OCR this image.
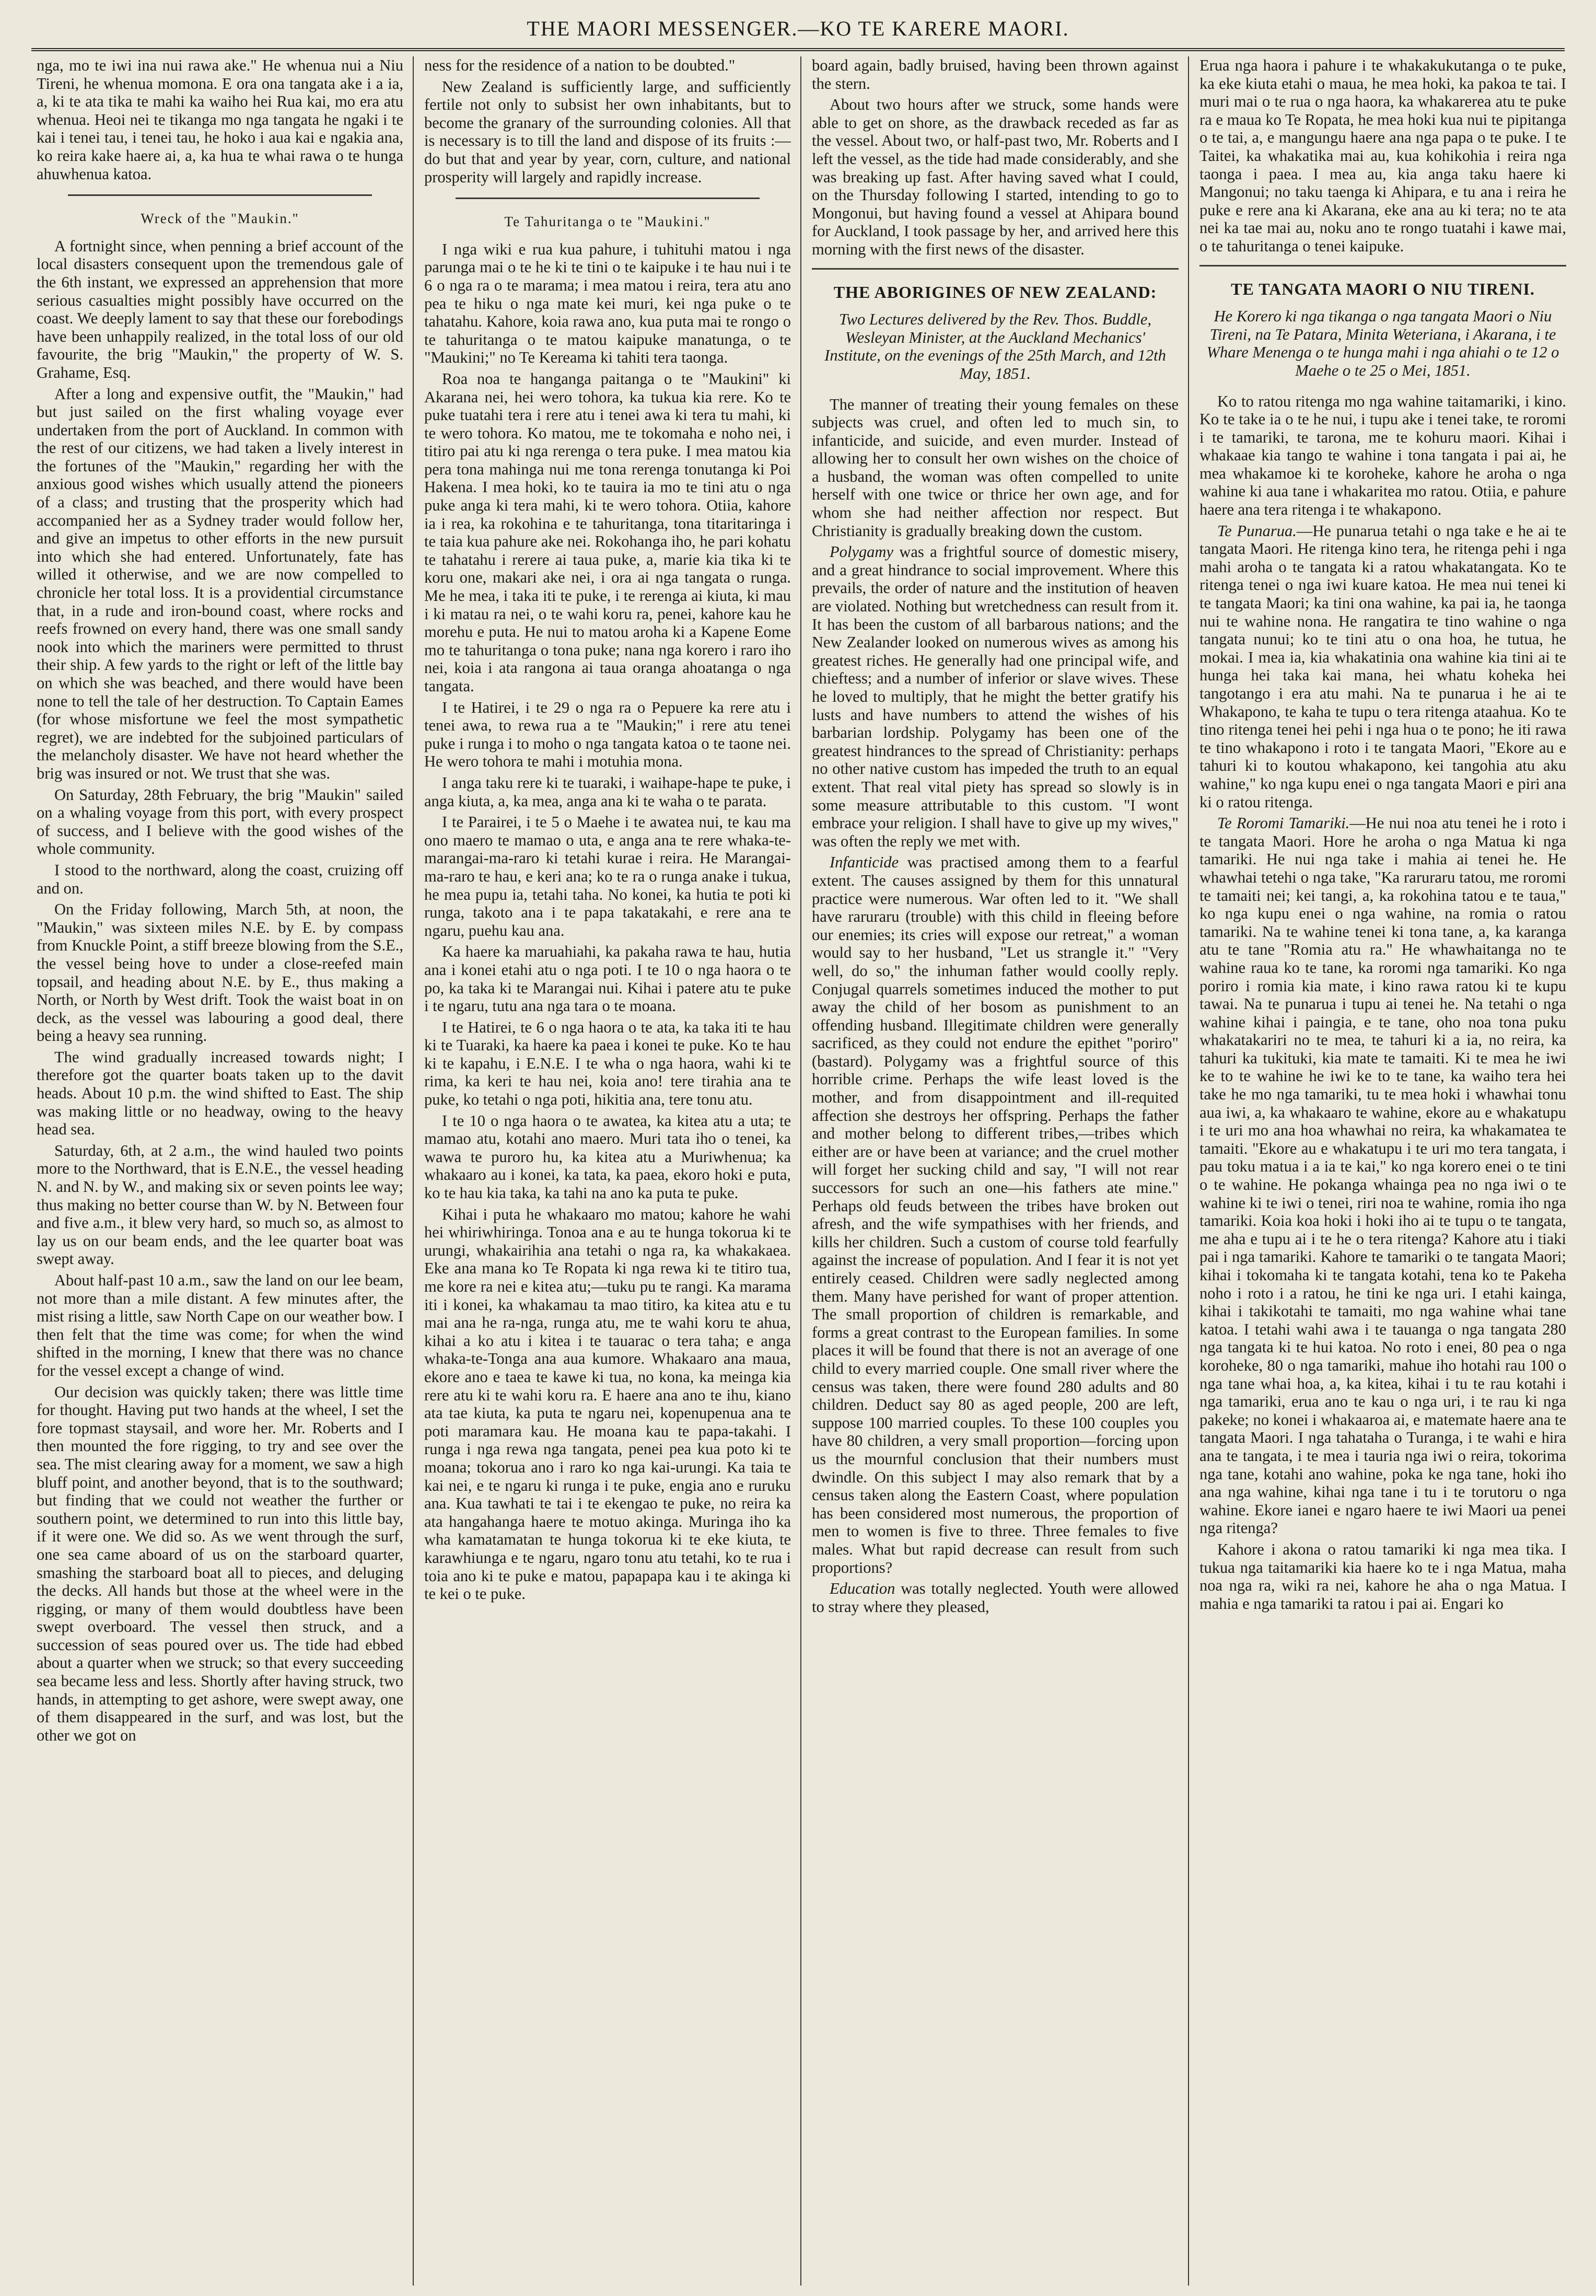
THE MAORI MESSENGER.—KO TE KARERE MAORI.

nga, mo te iwi ina nui rawa ake." He whenua nui a Niu Tireni, he whenua momona. E ora ona tangata ake i a ia, a, ki te ata tika te mahi ka waiho hei Rua kai, mo era atu whenua. Heoi nei te tikanga mo nga tangata he ngaki i te kai i tenei tau, i tenei tau, he hoko i aua kai e ngakia ana, ko reira kake haere ai, a, ka hua te whai rawa o te hunga ahuwhenua katoa.

Wreck of the "Maukin."

A fortnight since, when penning a brief account of the local disasters consequent upon the tremendous gale of the 6th instant, we expressed an apprehension that more serious casualties might possibly have occurred on the coast. We deeply lament to say that these our forebodings have been unhappily realized, in the total loss of our old favourite, the brig "Maukin," the property of W. S. Grahame, Esq.

After a long and expensive outfit, the "Maukin," had but just sailed on the first whaling voyage ever undertaken from the port of Auckland. In common with the rest of our citizens, we had taken a lively interest in the fortunes of the "Maukin," regarding her with the anxious good wishes which usually attend the pioneers of a class; and trusting that the prosperity which had accompanied her as a Sydney trader would follow her, and give an impetus to other efforts in the new pursuit into which she had entered. Unfortunately, fate has willed it otherwise, and we are now compelled to chronicle her total loss. It is a providential circumstance that, in a rude and iron-bound coast, where rocks and reefs frowned on every hand, there was one small sandy nook into which the mariners were permitted to thrust their ship. A few yards to the right or left of the little bay on which she was beached, and there would have been none to tell the tale of her destruction. To Captain Eames (for whose misfortune we feel the most sympathetic regret), we are indebted for the subjoined particulars of the melancholy disaster. We have not heard whether the brig was insured or not. We trust that she was.

On Saturday, 28th February, the brig "Maukin" sailed on a whaling voyage from this port, with every prospect of success, and I believe with the good wishes of the whole community.

I stood to the northward, along the coast, cruizing off and on.

On the Friday following, March 5th, at noon, the "Maukin," was sixteen miles N.E. by E. by compass from Knuckle Point, a stiff breeze blowing from the S.E., the vessel being hove to under a close-reefed main topsail, and heading about N.E. by E., thus making a North, or North by West drift. Took the waist boat in on deck, as the vessel was labouring a good deal, there being a heavy sea running.

The wind gradually increased towards night; I therefore got the quarter boats taken up to the davit heads. About 10 p.m. the wind shifted to East. The ship was making little or no headway, owing to the heavy head sea.

Saturday, 6th, at 2 a.m., the wind hauled two points more to the Northward, that is E.N.E., the vessel heading N. and N. by W., and making six or seven points lee way; thus making no better course than W. by N. Between four and five a.m., it blew very hard, so much so, as almost to lay us on our beam ends, and the lee quarter boat was swept away.

About half-past 10 a.m., saw the land on our lee beam, not more than a mile distant. A few minutes after, the mist rising a little, saw North Cape on our weather bow. I then felt that the time was come; for when the wind shifted in the morning, I knew that there was no chance for the vessel except a change of wind.

Our decision was quickly taken; there was little time for thought. Having put two hands at the wheel, I set the fore topmast staysail, and wore her. Mr. Roberts and I then mounted the fore rigging, to try and see over the sea. The mist clearing away for a moment, we saw a high bluff point, and another beyond, that is to the southward; but finding that we could not weather the further or southern point, we determined to run into this little bay, if it were one. We did so. As we went through the surf, one sea came aboard of us on the starboard quarter, smashing the starboard boat all to pieces, and deluging the decks. All hands but those at the wheel were in the rigging, or many of them would doubtless have been swept overboard. The vessel then struck, and a succession of seas poured over us. The tide had ebbed about a quarter when we struck; so that every succeeding sea became less and less. Shortly after having struck, two hands, in attempting to get ashore, were swept away, one of them disappeared in the surf, and was lost, but the other we got on

ness for the residence of a nation to be doubted."

New Zealand is sufficiently large, and sufficiently fertile not only to subsist her own inhabitants, but to become the granary of the surrounding colonies. All that is necessary is to till the land and dispose of its fruits :—do but that and year by year, corn, culture, and national prosperity will largely and rapidly increase.

Te Tahuritanga o te "Maukini."

I nga wiki e rua kua pahure, i tuhituhi matou i nga parunga mai o te he ki te tini o te kaipuke i te hau nui i te 6 o nga ra o te marama; i mea matou i reira, tera atu ano pea te hiku o nga mate kei muri, kei nga puke o te tahatahu. Kahore, koia rawa ano, kua puta mai te rongo o te tahuritanga o te matou kaipuke manatunga, o te "Maukini;" no Te Kereama ki tahiti tera taonga.

Roa noa te hanganga paitanga o te "Maukini" ki Akarana nei, hei wero tohora, ka tukua kia rere. Ko te puke tuatahi tera i rere atu i tenei awa ki tera tu mahi, ki te wero tohora. Ko matou, me te tokomaha e noho nei, i titiro pai atu ki nga rerenga o tera puke. I mea matou kia pera tona mahinga nui me tona rerenga tonutanga ki Poi Hakena. I mea hoki, ko te tauira ia mo te tini atu o nga puke anga ki tera mahi, ki te wero tohora. Otiia, kahore ia i rea, ka rokohina e te tahuritanga, tona titaritaringa i te taia kua pahure ake nei. Rokohanga iho, he pari kohatu te tahatahu i rerere ai taua puke, a, marie kia tika ki te koru one, makari ake nei, i ora ai nga tangata o runga. Me he mea, i taka iti te puke, i te rerenga ai kiuta, ki mau i ki matau ra nei, o te wahi koru ra, penei, kahore kau he morehu e puta. He nui to matou aroha ki a Kapene Eome mo te tahuritanga o tona puke; nana nga korero i raro iho nei, koia i ata rangona ai taua oranga ahoatanga o nga tangata.

I te Hatirei, i te 29 o nga ra o Pepuere ka rere atu i tenei awa, to rewa rua a te "Maukin;" i rere atu tenei puke i runga i to moho o nga tangata katoa o te taone nei. He wero tohora te mahi i motuhia mona.

I anga taku rere ki te tuaraki, i waihape-hape te puke, i anga kiuta, a, ka mea, anga ana ki te waha o te parata.

I te Parairei, i te 5 o Maehe i te awatea nui, te kau ma ono maero te mamao o uta, e anga ana te rere whaka-te-marangai-ma-raro ki tetahi kurae i reira. He Marangai-ma-raro te hau, e keri ana; ko te ra o runga anake i tukua, he mea pupu ia, tetahi taha. No konei, ka hutia te poti ki runga, takoto ana i te papa takatakahi, e rere ana te ngaru, puehu kau ana.

Ka haere ka maruahiahi, ka pakaha rawa te hau, hutia ana i konei etahi atu o nga poti. I te 10 o nga haora o te po, ka taka ki te Marangai nui. Kihai i patere atu te puke i te ngaru, tutu ana nga tara o te moana.

I te Hatirei, te 6 o nga haora o te ata, ka taka iti te hau ki te Tuaraki, ka haere ka paea i konei te puke. Ko te hau ki te kapahu, i E.N.E. I te wha o nga haora, wahi ki te rima, ka keri te hau nei, koia ano! tere tirahia ana te puke, ko tetahi o nga poti, hikitia ana, tere tonu atu.

I te 10 o nga haora o te awatea, ka kitea atu a uta; te mamao atu, kotahi ano maero. Muri tata iho o tenei, ka wawa te puroro hu, ka kitea atu a Muriwhenua; ka whakaaro au i konei, ka tata, ka paea, ekoro hoki e puta, ko te hau kia taka, ka tahi na ano ka puta te puke.

Kihai i puta he whakaaro mo matou; kahore he wahi hei whiriwhiringa. Tonoa ana e au te hunga tokorua ki te urungi, whakairihia ana tetahi o nga ra, ka whakakaea. Eke ana mana ko Te Ropata ki nga rewa ki te titiro tua, me kore ra nei e kitea atu;—tuku pu te rangi. Ka marama iti i konei, ka whakamau ta mao titiro, ka kitea atu e tu mai ana he ra-nga, runga atu, me te wahi koru te ahua, kihai a ko atu i kitea i te tauarac o tera taha; e anga whaka-te-Tonga ana aua kumore. Whakaaro ana maua, ekore ano e taea te kawe ki tua, no kona, ka meinga kia rere atu ki te wahi koru ra. E haere ana ano te ihu, kiano ata tae kiuta, ka puta te ngaru nei, kopenupenua ana te poti maramara kau. He moana kau te papa-takahi. I runga i nga rewa nga tangata, penei pea kua poto ki te moana; tokorua ano i raro ko nga kai-urungi. Ka taia te kai nei, e te ngaru ki runga i te puke, engia ano e ruruku ana. Kua tawhati te tai i te ekengao te puke, no reira ka ata hangahanga haere te motuo akinga. Muringa iho ka wha kamatamatan te hunga tokorua ki te eke kiuta, te karawhiunga e te ngaru, ngaro tonu atu tetahi, ko te rua i toia ano ki te puke e matou, papapapa kau i te akinga ki te kei o te puke.

board again, badly bruised, having been thrown against the stern.

About two hours after we struck, some hands were able to get on shore, as the drawback receded as far as the vessel. About two, or half-past two, Mr. Roberts and I left the vessel, as the tide had made considerably, and she was breaking up fast. After having saved what I could, on the Thursday following I started, intending to go to Mongonui, but having found a vessel at Ahipara bound for Auckland, I took passage by her, and arrived here this morning with the first news of the disaster.

THE ABORIGINES OF NEW ZEALAND:

Two Lectures delivered by the Rev. Thos. Buddle, Wesleyan Minister, at the Auckland Mechanics' Institute, on the evenings of the 25th March, and 12th May, 1851.

The manner of treating their young females on these subjects was cruel, and often led to much sin, to infanticide, and suicide, and even murder. Instead of allowing her to consult her own wishes on the choice of a husband, the woman was often compelled to unite herself with one twice or thrice her own age, and for whom she had neither affection nor respect. But Christianity is gradually breaking down the custom.

Polygamy was a frightful source of domestic misery, and a great hindrance to social improvement. Where this prevails, the order of nature and the institution of heaven are violated. Nothing but wretchedness can result from it. It has been the custom of all barbarous nations; and the New Zealander looked on numerous wives as among his greatest riches. He generally had one principal wife, and chieftess; and a number of inferior or slave wives. These he loved to multiply, that he might the better gratify his lusts and have numbers to attend the wishes of his barbarian lordship. Polygamy has been one of the greatest hindrances to the spread of Christianity: perhaps no other native custom has impeded the truth to an equal extent. That real vital piety has spread so slowly is in some measure attributable to this custom. "I wont embrace your religion. I shall have to give up my wives," was often the reply we met with.

Infanticide was practised among them to a fearful extent. The causes assigned by them for this unnatural practice were numerous. War often led to it. "We shall have raruraru (trouble) with this child in fleeing before our enemies; its cries will expose our retreat," a woman would say to her husband, "Let us strangle it." "Very well, do so," the inhuman father would coolly reply. Conjugal quarrels sometimes induced the mother to put away the child of her bosom as punishment to an offending husband. Illegitimate children were generally sacrificed, as they could not endure the epithet "poriro" (bastard). Polygamy was a frightful source of this horrible crime. Perhaps the wife least loved is the mother, and from disappointment and ill-requited affection she destroys her offspring. Perhaps the father and mother belong to different tribes,—tribes which either are or have been at variance; and the cruel mother will forget her sucking child and say, "I will not rear successors for such an one—his fathers ate mine." Perhaps old feuds between the tribes have broken out afresh, and the wife sympathises with her friends, and kills her children. Such a custom of course told fearfully against the increase of population. And I fear it is not yet entirely ceased. Children were sadly neglected among them. Many have perished for want of proper attention. The small proportion of children is remarkable, and forms a great contrast to the European families. In some places it will be found that there is not an average of one child to every married couple. One small river where the census was taken, there were found 280 adults and 80 children. Deduct say 80 as aged people, 200 are left, suppose 100 married couples. To these 100 couples you have 80 children, a very small proportion—forcing upon us the mournful conclusion that their numbers must dwindle. On this subject I may also remark that by a census taken along the Eastern Coast, where population has been considered most numerous, the proportion of men to women is five to three. Three females to five males. What but rapid decrease can result from such proportions?

Education was totally neglected. Youth were allowed to stray where they pleased,

Erua nga haora i pahure i te whakakukutanga o te puke, ka eke kiuta etahi o maua, he mea hoki, ka pakoa te tai. I muri mai o te rua o nga haora, ka whakarerea atu te puke ra e maua ko Te Ropata, he mea hoki kua nui te pipitanga o te tai, a, e mangungu haere ana nga papa o te puke. I te Taitei, ka whakatika mai au, kua kohikohia i reira nga taonga i paea. I mea au, kia anga taku haere ki Mangonui; no taku taenga ki Ahipara, e tu ana i reira he puke e rere ana ki Akarana, eke ana au ki tera; no te ata nei ka tae mai au, noku ano te rongo tuatahi i kawe mai, o te tahuritanga o tenei kaipuke.

TE TANGATA MAORI O NIU TIRENI.

He Korero ki nga tikanga o nga tangata Maori o Niu Tireni, na Te Patara, Minita Weteriana, i Akarana, i te Whare Menenga o te hunga mahi i nga ahiahi o te 12 o Maehe o te 25 o Mei, 1851.

Ko to ratou ritenga mo nga wahine taitamariki, i kino. Ko te take ia o te he nui, i tupu ake i tenei take, te roromi i te tamariki, te tarona, me te kohuru maori. Kihai i whakaae kia tango te wahine i tona tangata i pai ai, he mea whakamoe ki te koroheke, kahore he aroha o nga wahine ki aua tane i whakaritea mo ratou. Otiia, e pahure haere ana tera ritenga i te whakapono.

Te Punarua.—He punarua tetahi o nga take e he ai te tangata Maori. He ritenga kino tera, he ritenga pehi i nga mahi aroha o te tangata ki a ratou whakatangata. Ko te ritenga tenei o nga iwi kuare katoa. He mea nui tenei ki te tangata Maori; ka tini ona wahine, ka pai ia, he taonga nui te wahine nona. He rangatira te tino wahine o nga tangata nunui; ko te tini atu o ona hoa, he tutua, he mokai. I mea ia, kia whakatinia ona wahine kia tini ai te hunga hei taka kai mana, hei whatu koheka hei tangotango i era atu mahi. Na te punarua i he ai te Whakapono, te kaha te tupu o tera ritenga ataahua. Ko te tino ritenga tenei hei pehi i nga hua o te pono; he iti rawa te tino whakapono i roto i te tangata Maori, "Ekore au e tahuri ki to koutou whakapono, kei tangohia atu aku wahine," ko nga kupu enei o nga tangata Maori e piri ana ki o ratou ritenga.

Te Roromi Tamariki.—He nui noa atu tenei he i roto i te tangata Maori. Hore he aroha o nga Matua ki nga tamariki. He nui nga take i mahia ai tenei he. He whawhai tetehi o nga take, "Ka raruraru tatou, me roromi te tamaiti nei; kei tangi, a, ka rokohina tatou e te taua," ko nga kupu enei o nga wahine, na romia o ratou tamariki. Na te wahine tenei ki tona tane, a, ka karanga atu te tane "Romia atu ra." He whawhaitanga no te wahine raua ko te tane, ka roromi nga tamariki. Ko nga poriro i romia kia mate, i kino rawa ratou ki te kupu tawai. Na te punarua i tupu ai tenei he. Na tetahi o nga wahine kihai i paingia, e te tane, oho noa tona puku whakatakariri no te mea, te tahuri ki a ia, no reira, ka tahuri ka tukituki, kia mate te tamaiti. Ki te mea he iwi ke to te wahine he iwi ke to te tane, ka waiho tera hei take he mo nga tamariki, tu te mea hoki i whawhai tonu aua iwi, a, ka whakaaro te wahine, ekore au e whakatupu i te uri mo ana hoa whawhai no reira, ka whakamatea te tamaiti. "Ekore au e whakatupu i te uri mo tera tangata, i pau toku matua i a ia te kai," ko nga korero enei o te tini o te wahine. He pokanga whainga pea no nga iwi o te wahine ki te iwi o tenei, riri noa te wahine, romia iho nga tamariki. Koia koa hoki i hoki iho ai te tupu o te tangata, me aha e tupu ai i te he o tera ritenga? Kahore atu i tiaki pai i nga tamariki. Kahore te tamariki o te tangata Maori; kihai i tokomaha ki te tangata kotahi, tena ko te Pakeha noho i roto i a ratou, he tini ke nga uri. I etahi kainga, kihai i takikotahi te tamaiti, mo nga wahine whai tane katoa. I tetahi wahi awa i te tauanga o nga tangata 280 nga tangata ki te hui katoa. No roto i enei, 80 pea o nga koroheke, 80 o nga tamariki, mahue iho hotahi rau 100 o nga tane whai hoa, a, ka kitea, kihai i tu te rau kotahi i nga tamariki, erua ano te kau o nga uri, i te rau ki nga pakeke; no konei i whakaaroa ai, e matemate haere ana te tangata Maori. I nga tahataha o Turanga, i te wahi e hira ana te tangata, i te mea i tauria nga iwi o reira, tokorima nga tane, kotahi ano wahine, poka ke nga tane, hoki iho ana nga wahine, kihai nga tane i tu i te torutoru o nga wahine. Ekore ianei e ngaro haere te iwi Maori ua penei nga ritenga?

Kahore i akona o ratou tamariki ki nga mea tika. I tukua nga taitamariki kia haere ko te i nga Matua, maha noa nga ra, wiki ra nei, kahore he aha o nga Matua. I mahia e nga tamariki ta ratou i pai ai. Engari ko
